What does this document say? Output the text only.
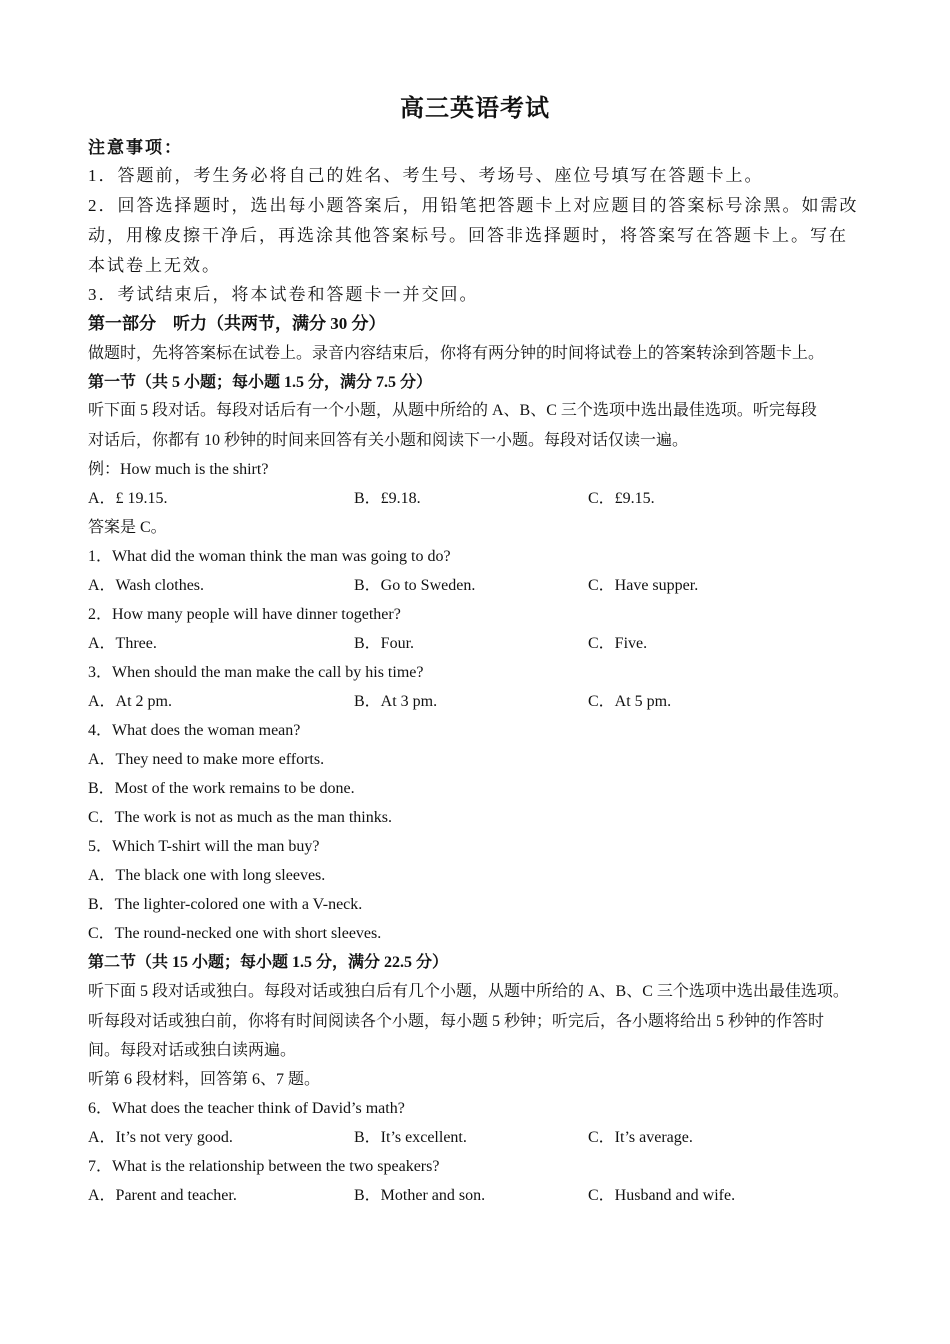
高三英语考试
注意事项：
1．答题前，考生务必将自己的姓名、考生号、考场号、座位号填写在答题卡上。
2．回答选择题时，选出每小题答案后，用铅笔把答题卡上对应题目的答案标号涂黑。如需改
动，用橡皮擦干净后，再选涂其他答案标号。回答非选择题时，将答案写在答题卡上。写在
本试卷上无效。
3．考试结束后，将本试卷和答题卡一并交回。
第一部分　听力（共两节，满分 30 分）
做题时，先将答案标在试卷上。录音内容结束后，你将有两分钟的时间将试卷上的答案转涂到答题卡上。
第一节（共 5 小题；每小题 1.5 分，满分 7.5 分）
听下面 5 段对话。每段对话后有一个小题，从题中所给的 A、B、C 三个选项中选出最佳选项。听完每段
对话后，你都有 10 秒钟的时间来回答有关小题和阅读下一小题。每段对话仅读一遍。
例：How much is the shirt?
A．£ 19.15.	B．£9.18.	C．£9.15.
答案是 C。
1．What did the woman think the man was going to do?
A．Wash clothes.	B．Go to Sweden.	C．Have supper.
2．How many people will have dinner together?
A．Three.	B．Four.	C．Five.
3．When should the man make the call by his time?
A．At 2 pm.	B．At 3 pm.	C．At 5 pm.
4．What does the woman mean?
A．They need to make more efforts.
B．Most of the work remains to be done.
C．The work is not as much as the man thinks.
5．Which T-shirt will the man buy?
A．The black one with long sleeves.
B．The lighter-colored one with a V-neck.
C．The round-necked one with short sleeves.
第二节（共 15 小题；每小题 1.5 分，满分 22.5 分）
听下面 5 段对话或独白。每段对话或独白后有几个小题，从题中所给的 A、B、C 三个选项中选出最佳选项。
听每段对话或独白前，你将有时间阅读各个小题，每小题 5 秒钟；听完后，各小题将给出 5 秒钟的作答时
间。每段对话或独白读两遍。
听第 6 段材料，回答第 6、7 题。
6．What does the teacher think of David’s math?
A．It’s not very good.	B．It’s excellent.	C．It’s average.
7．What is the relationship between the two speakers?
A．Parent and teacher.	B．Mother and son.	C．Husband and wife.
